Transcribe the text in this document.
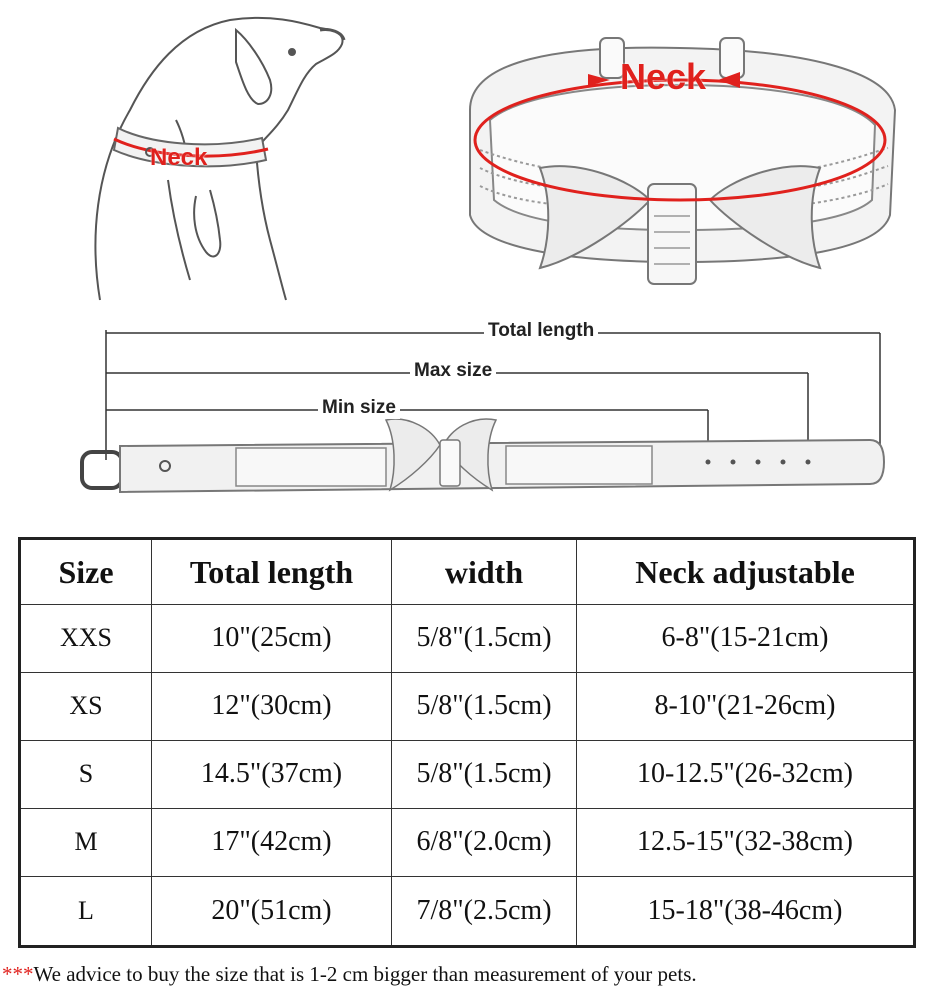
Neck
Neck
Total length
Max size
Min size
Size	Total length	width	Neck adjustable
XXS	10"(25cm)	5/8"(1.5cm)	6-8"(15-21cm)
XS	12"(30cm)	5/8"(1.5cm)	8-10"(21-26cm)
S	14.5"(37cm)	5/8"(1.5cm)	10-12.5"(26-32cm)
M	17"(42cm)	6/8"(2.0cm)	12.5-15"(32-38cm)
L	20"(51cm)	7/8"(2.5cm)	15-18"(38-46cm)
***We advice to buy the size that is 1-2 cm bigger than measurement of your pets.
